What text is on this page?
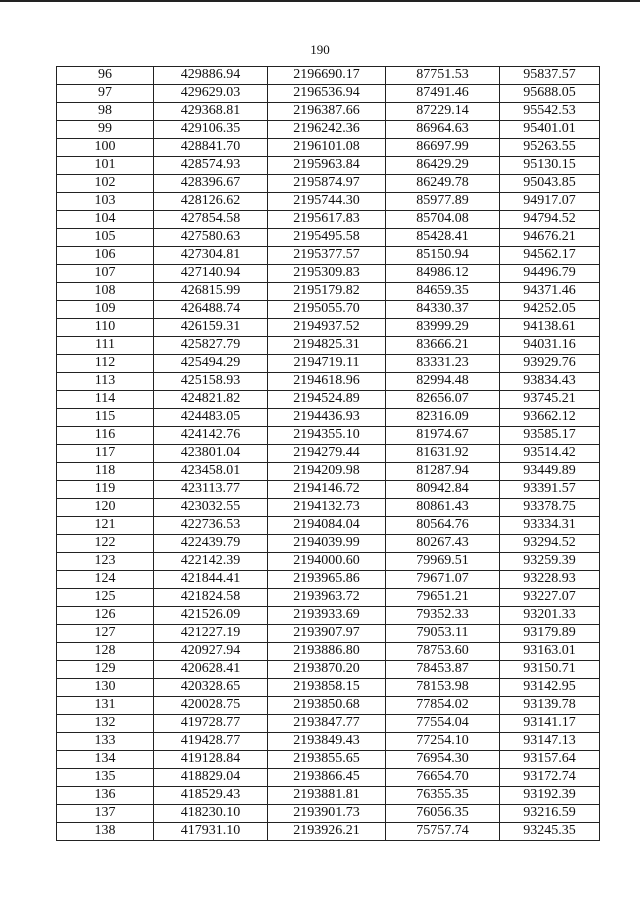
190
96	429886.94	2196690.17	87751.53	95837.57
97	429629.03	2196536.94	87491.46	95688.05
98	429368.81	2196387.66	87229.14	95542.53
99	429106.35	2196242.36	86964.63	95401.01
100	428841.70	2196101.08	86697.99	95263.55
101	428574.93	2195963.84	86429.29	95130.15
102	428396.67	2195874.97	86249.78	95043.85
103	428126.62	2195744.30	85977.89	94917.07
104	427854.58	2195617.83	85704.08	94794.52
105	427580.63	2195495.58	85428.41	94676.21
106	427304.81	2195377.57	85150.94	94562.17
107	427140.94	2195309.83	84986.12	94496.79
108	426815.99	2195179.82	84659.35	94371.46
109	426488.74	2195055.70	84330.37	94252.05
110	426159.31	2194937.52	83999.29	94138.61
111	425827.79	2194825.31	83666.21	94031.16
112	425494.29	2194719.11	83331.23	93929.76
113	425158.93	2194618.96	82994.48	93834.43
114	424821.82	2194524.89	82656.07	93745.21
115	424483.05	2194436.93	82316.09	93662.12
116	424142.76	2194355.10	81974.67	93585.17
117	423801.04	2194279.44	81631.92	93514.42
118	423458.01	2194209.98	81287.94	93449.89
119	423113.77	2194146.72	80942.84	93391.57
120	423032.55	2194132.73	80861.43	93378.75
121	422736.53	2194084.04	80564.76	93334.31
122	422439.79	2194039.99	80267.43	93294.52
123	422142.39	2194000.60	79969.51	93259.39
124	421844.41	2193965.86	79671.07	93228.93
125	421824.58	2193963.72	79651.21	93227.07
126	421526.09	2193933.69	79352.33	93201.33
127	421227.19	2193907.97	79053.11	93179.89
128	420927.94	2193886.80	78753.60	93163.01
129	420628.41	2193870.20	78453.87	93150.71
130	420328.65	2193858.15	78153.98	93142.95
131	420028.75	2193850.68	77854.02	93139.78
132	419728.77	2193847.77	77554.04	93141.17
133	419428.77	2193849.43	77254.10	93147.13
134	419128.84	2193855.65	76954.30	93157.64
135	418829.04	2193866.45	76654.70	93172.74
136	418529.43	2193881.81	76355.35	93192.39
137	418230.10	2193901.73	76056.35	93216.59
138	417931.10	2193926.21	75757.74	93245.35
